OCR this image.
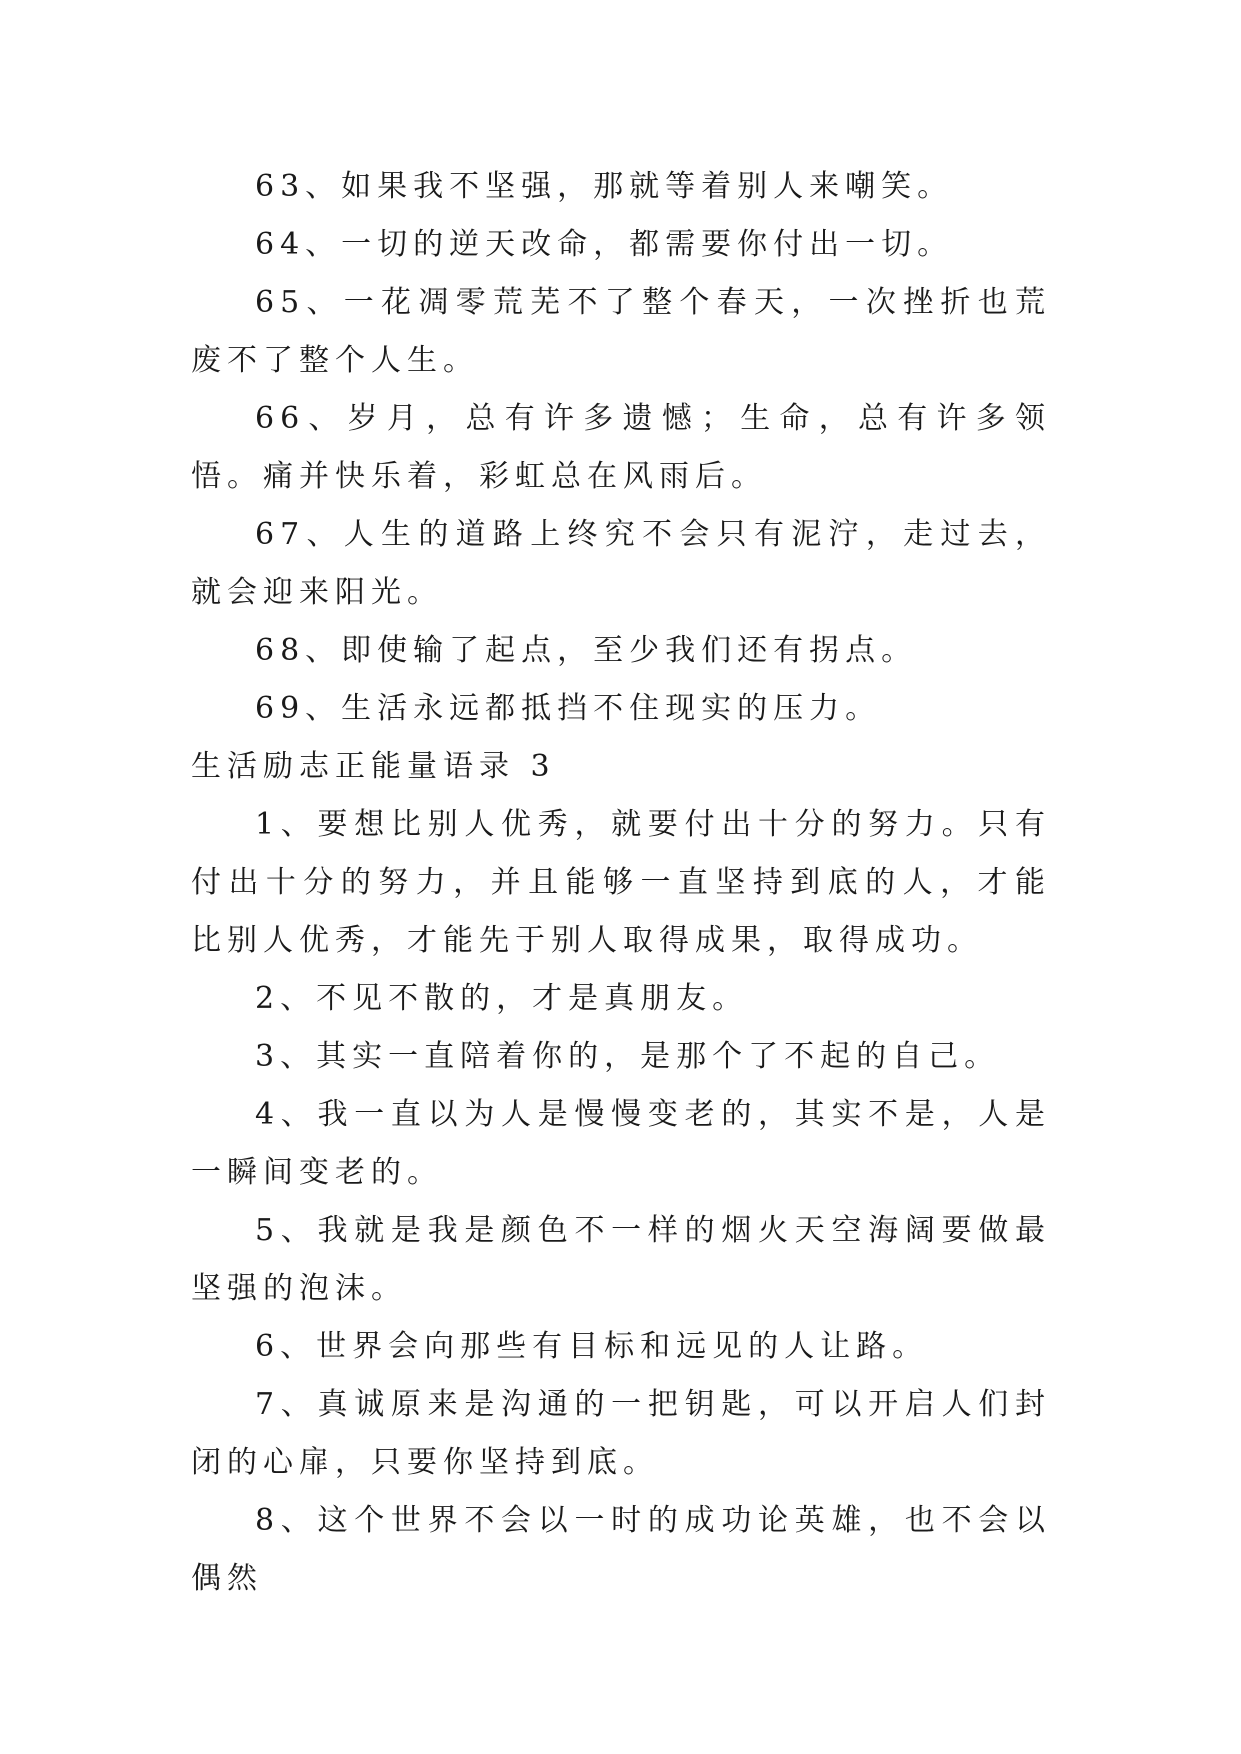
63、如果我不坚强，那就等着别人来嘲笑。

64、一切的逆天改命，都需要你付出一切。

65、一花凋零荒芜不了整个春天，一次挫折也荒废不了整个人生。

66、岁月，总有许多遗憾；生命，总有许多领悟。痛并快乐着，彩虹总在风雨后。

67、人生的道路上终究不会只有泥泞，走过去，就会迎来阳光。

68、即使输了起点，至少我们还有拐点。

69、生活永远都抵挡不住现实的压力。

生活励志正能量语录 3

1、要想比别人优秀，就要付出十分的努力。只有付出十分的努力，并且能够一直坚持到底的人，才能比别人优秀，才能先于别人取得成果，取得成功。

2、不见不散的，才是真朋友。

3、其实一直陪着你的，是那个了不起的自己。

4、我一直以为人是慢慢变老的，其实不是，人是一瞬间变老的。

5、我就是我是颜色不一样的烟火天空海阔要做最坚强的泡沫。

6、世界会向那些有目标和远见的人让路。

7、真诚原来是沟通的一把钥匙，可以开启人们封闭的心扉，只要你坚持到底。

8、这个世界不会以一时的成功论英雄，也不会以偶然
